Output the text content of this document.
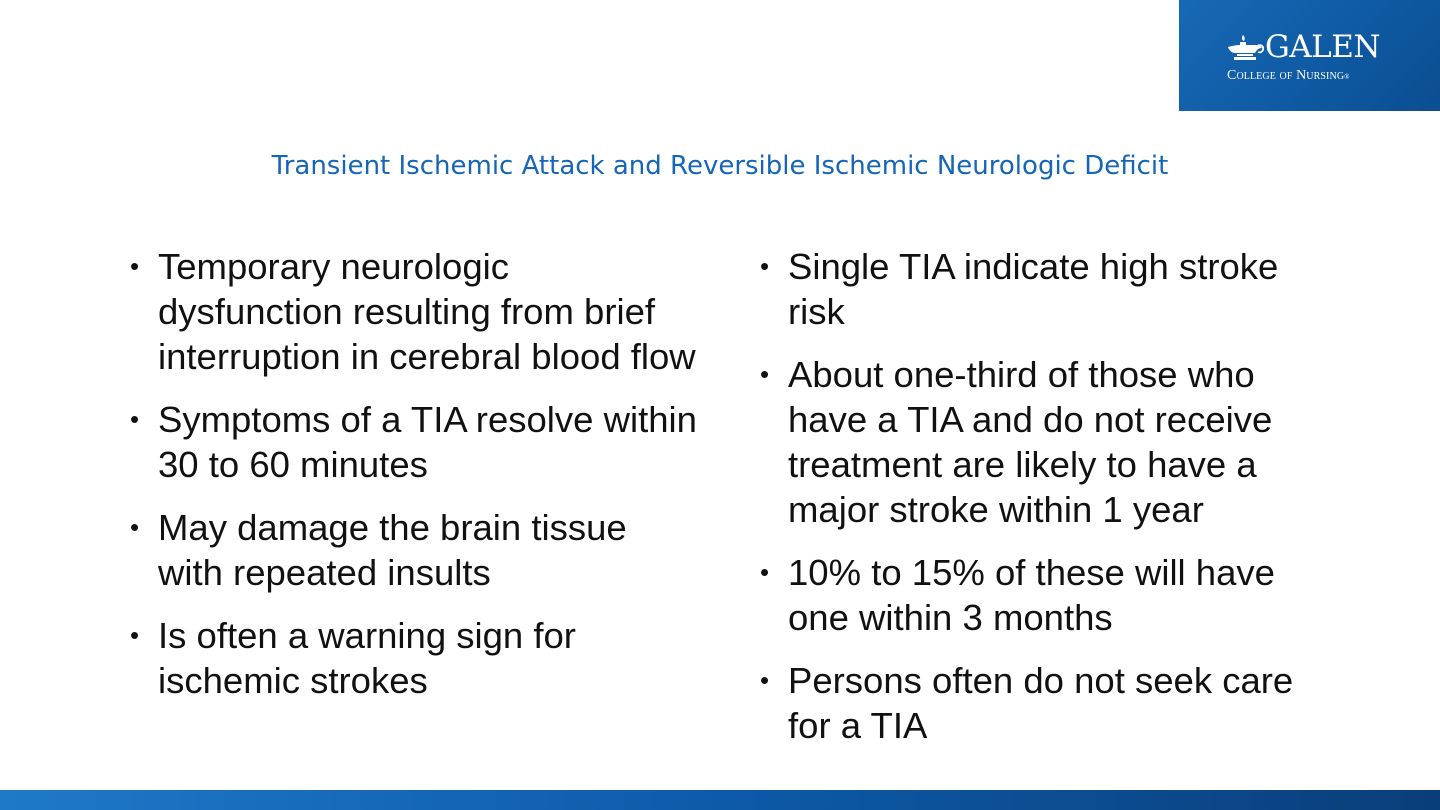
GALEN
College of Nursing®
Transient Ischemic Attack and Reversible Ischemic Neurologic Deficit
• Temporary neurologic dysfunction resulting from brief interruption in cerebral blood flow
• Symptoms of a TIA resolve within 30 to 60 minutes
• May damage the brain tissue with repeated insults
• Is often a warning sign for ischemic strokes
• Single TIA indicate high stroke risk
• About one-third of those who have a TIA and do not receive treatment are likely to have a major stroke within 1 year
• 10% to 15% of these will have one within 3 months
• Persons often do not seek care for a TIA
